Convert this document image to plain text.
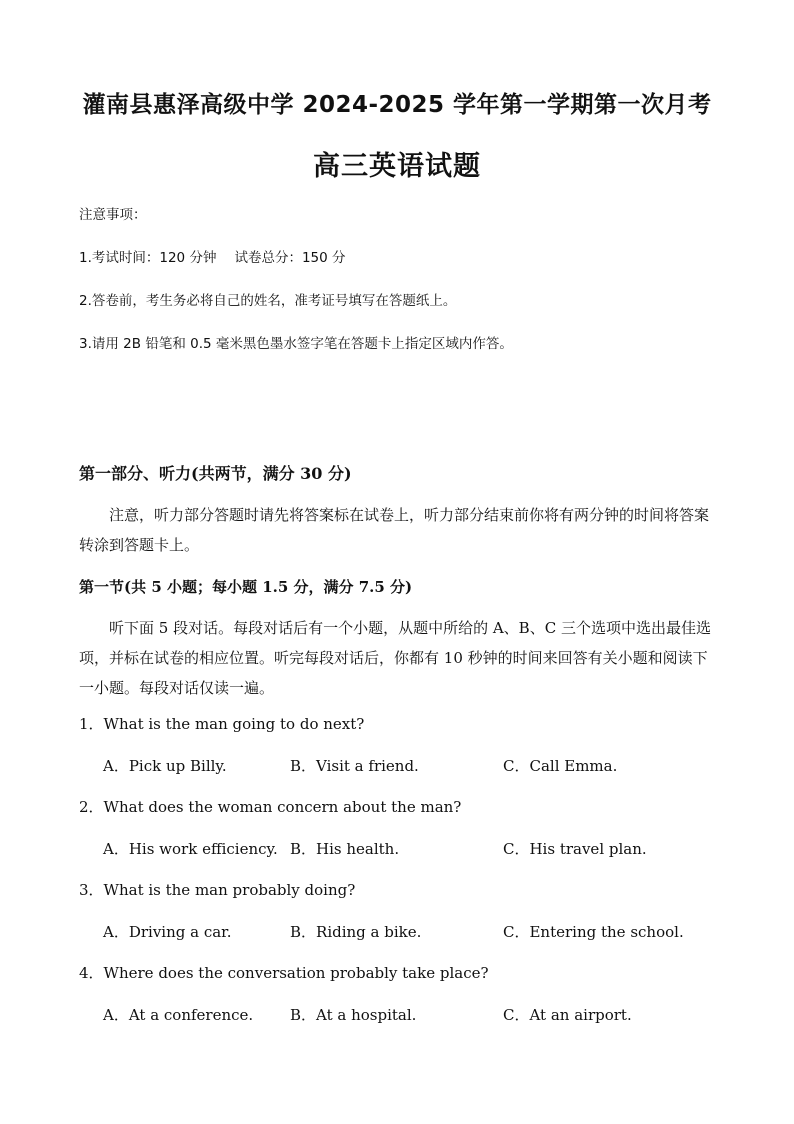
灌南县惠泽高级中学 2024-2025 学年第一学期第一次月考
高三英语试题
注意事项：
1.考试时间：120 分钟 试卷总分：150 分
2.答卷前，考生务必将自己的姓名，准考证号填写在答题纸上。
3.请用 2B 铅笔和 0.5 毫米黑色墨水签字笔在答题卡上指定区域内作答。
第一部分、听力(共两节，满分 30 分)
注意，听力部分答题时请先将答案标在试卷上，听力部分结束前你将有两分钟的时间将答案转涂到答题卡上。
第一节(共 5 小题；每小题 1.5 分，满分 7.5 分)
听下面 5 段对话。每段对话后有一个小题，从题中所给的 A、B、C 三个选项中选出最佳选项，并标在试卷的相应位置。听完每段对话后，你都有 10 秒钟的时间来回答有关小题和阅读下一小题。每段对话仅读一遍。
1．What is the man going to do next?
A．Pick up Billy.	B．Visit a friend.	C．Call Emma.
2．What does the woman concern about the man?
A．His work efficiency. B．His health.	C．His travel plan.
3．What is the man probably doing?
A．Driving a car.	B．Riding a bike.	C．Entering the school.
4．Where does the conversation probably take place?
A．At a conference. B．At a hospital.	C．At an airport.
